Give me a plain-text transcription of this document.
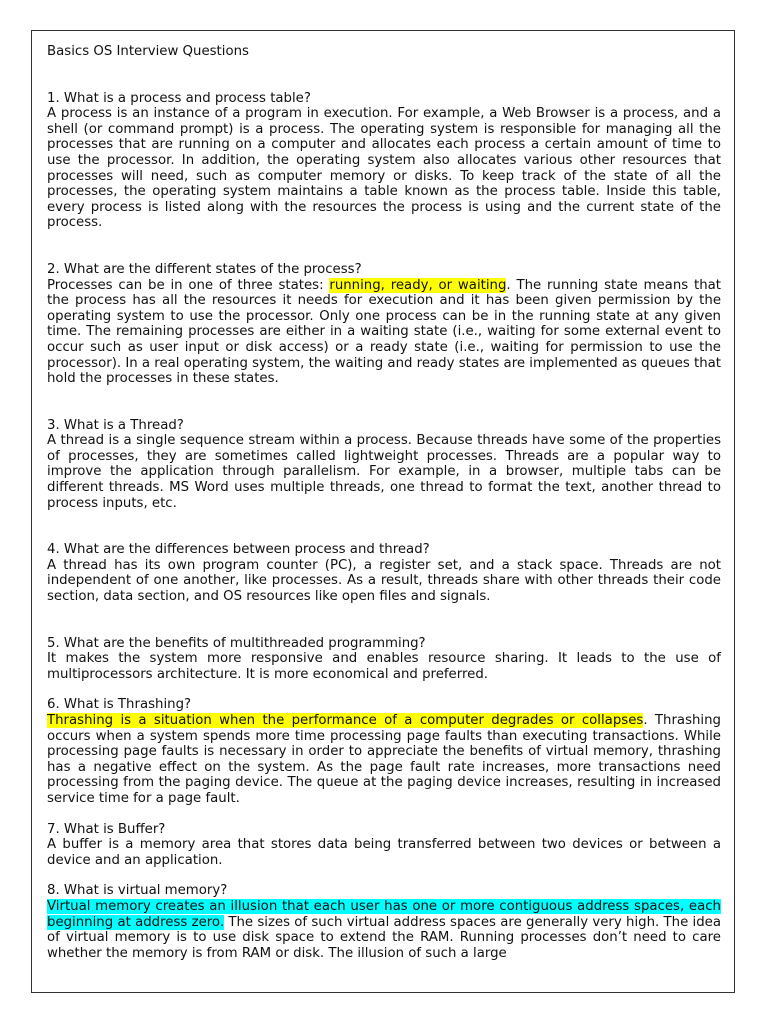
Basics OS Interview Questions

1. What is a process and process table?

A process is an instance of a program in execution. For example, a Web Browser is a process, and a shell (or command prompt) is a process. The operating system is responsible for managing all the processes that are running on a computer and allocates each process a certain amount of time to use the processor. In addition, the operating system also allocates various other resources that processes will need, such as computer memory or disks. To keep track of the state of all the processes, the operating system maintains a table known as the process table. Inside this table, every process is listed along with the resources the process is using and the current state of the process.

2. What are the different states of the process?

Processes can be in one of three states: running, ready, or waiting. The running state means that the process has all the resources it needs for execution and it has been given permission by the operating system to use the processor. Only one process can be in the running state at any given time. The remaining processes are either in a waiting state (i.e., waiting for some external event to occur such as user input or disk access) or a ready state (i.e., waiting for permission to use the processor). In a real operating system, the waiting and ready states are implemented as queues that hold the processes in these states.

3. What is a Thread?

A thread is a single sequence stream within a process. Because threads have some of the properties of processes, they are sometimes called lightweight processes. Threads are a popular way to improve the application through parallelism. For example, in a browser, multiple tabs can be different threads. MS Word uses multiple threads, one thread to format the text, another thread to process inputs, etc.

4. What are the differences between process and thread?

A thread has its own program counter (PC), a register set, and a stack space. Threads are not independent of one another, like processes. As a result, threads share with other threads their code section, data section, and OS resources like open files and signals.

5. What are the benefits of multithreaded programming?

It makes the system more responsive and enables resource sharing. It leads to the use of multiprocessors architecture. It is more economical and preferred.

6. What is Thrashing?

Thrashing is a situation when the performance of a computer degrades or collapses. Thrashing occurs when a system spends more time processing page faults than executing transactions. While processing page faults is necessary in order to appreciate the benefits of virtual memory, thrashing has a negative effect on the system. As the page fault rate increases, more transactions need processing from the paging device. The queue at the paging device increases, resulting in increased service time for a page fault.

7. What is Buffer?

A buffer is a memory area that stores data being transferred between two devices or between a device and an application.

8. What is virtual memory?

Virtual memory creates an illusion that each user has one or more contiguous address spaces, each beginning at address zero. The sizes of such virtual address spaces are generally very high. The idea of virtual memory is to use disk space to extend the RAM. Running processes don’t need to care whether the memory is from RAM or disk. The illusion of such a large
